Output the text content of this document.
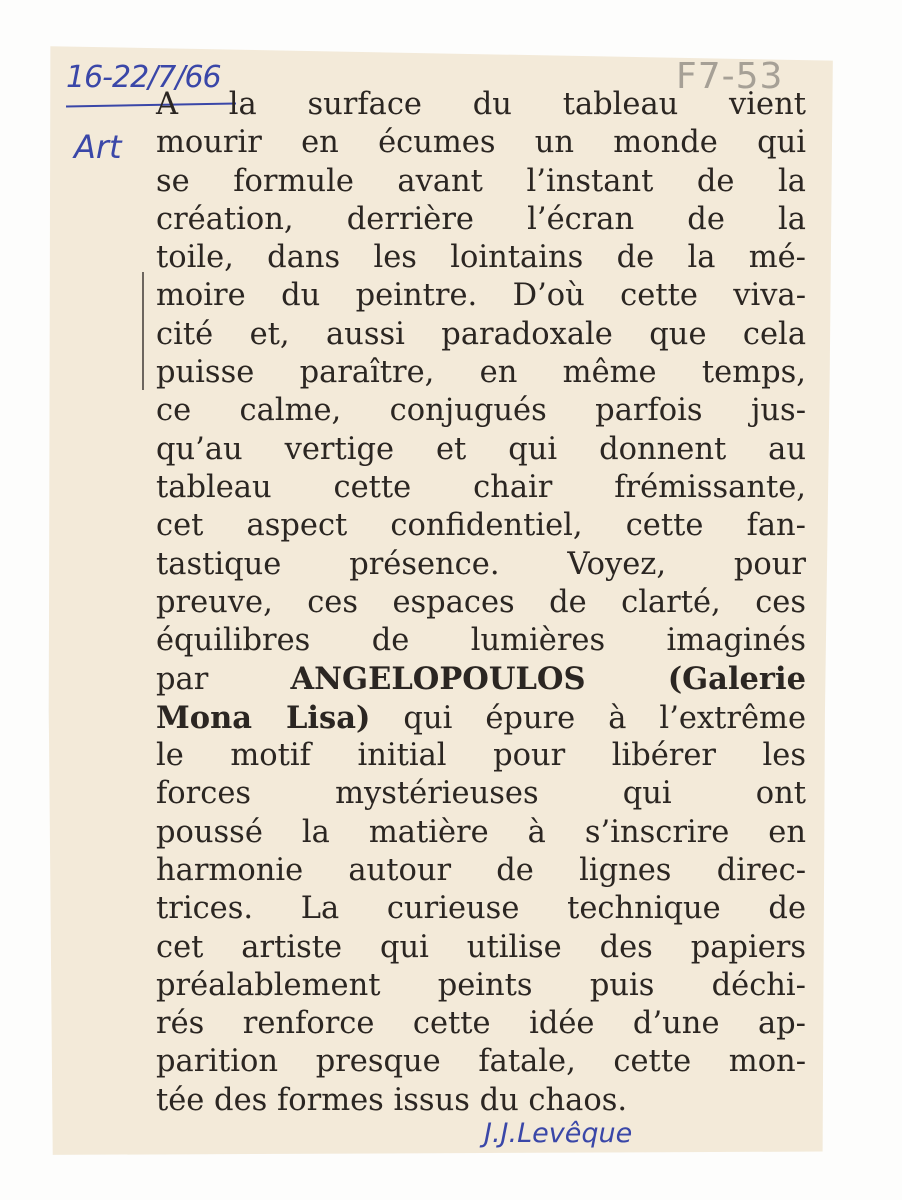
F7-53
16-22/7/66
Art
A la surface du tableau vient
mourir en écumes un monde qui
se formule avant l’instant de la
création, derrière l’écran de la
toile, dans les lointains de la mé-
moire du peintre. D’où cette viva-
cité et, aussi paradoxale que cela
puisse paraître, en même temps,
ce calme, conjugués parfois jus-
qu’au vertige et qui donnent au
tableau cette chair frémissante,
cet aspect confidentiel, cette fan-
tastique présence. Voyez, pour
preuve, ces espaces de clarté, ces
équilibres de lumières imaginés
par	ANGELOPOULOS	(Galerie
Mona Lisa) qui épure à l’extrême
le motif initial pour libérer les
forces mystérieuses qui ont
poussé la matière à s’inscrire en
harmonie autour de lignes direc-
trices. La curieuse technique de
cet artiste qui utilise des papiers
préalablement peints puis déchi-
rés renforce cette idée d’une ap-
parition presque fatale, cette mon-
tée des formes issus du chaos.
J.J.Levêque
